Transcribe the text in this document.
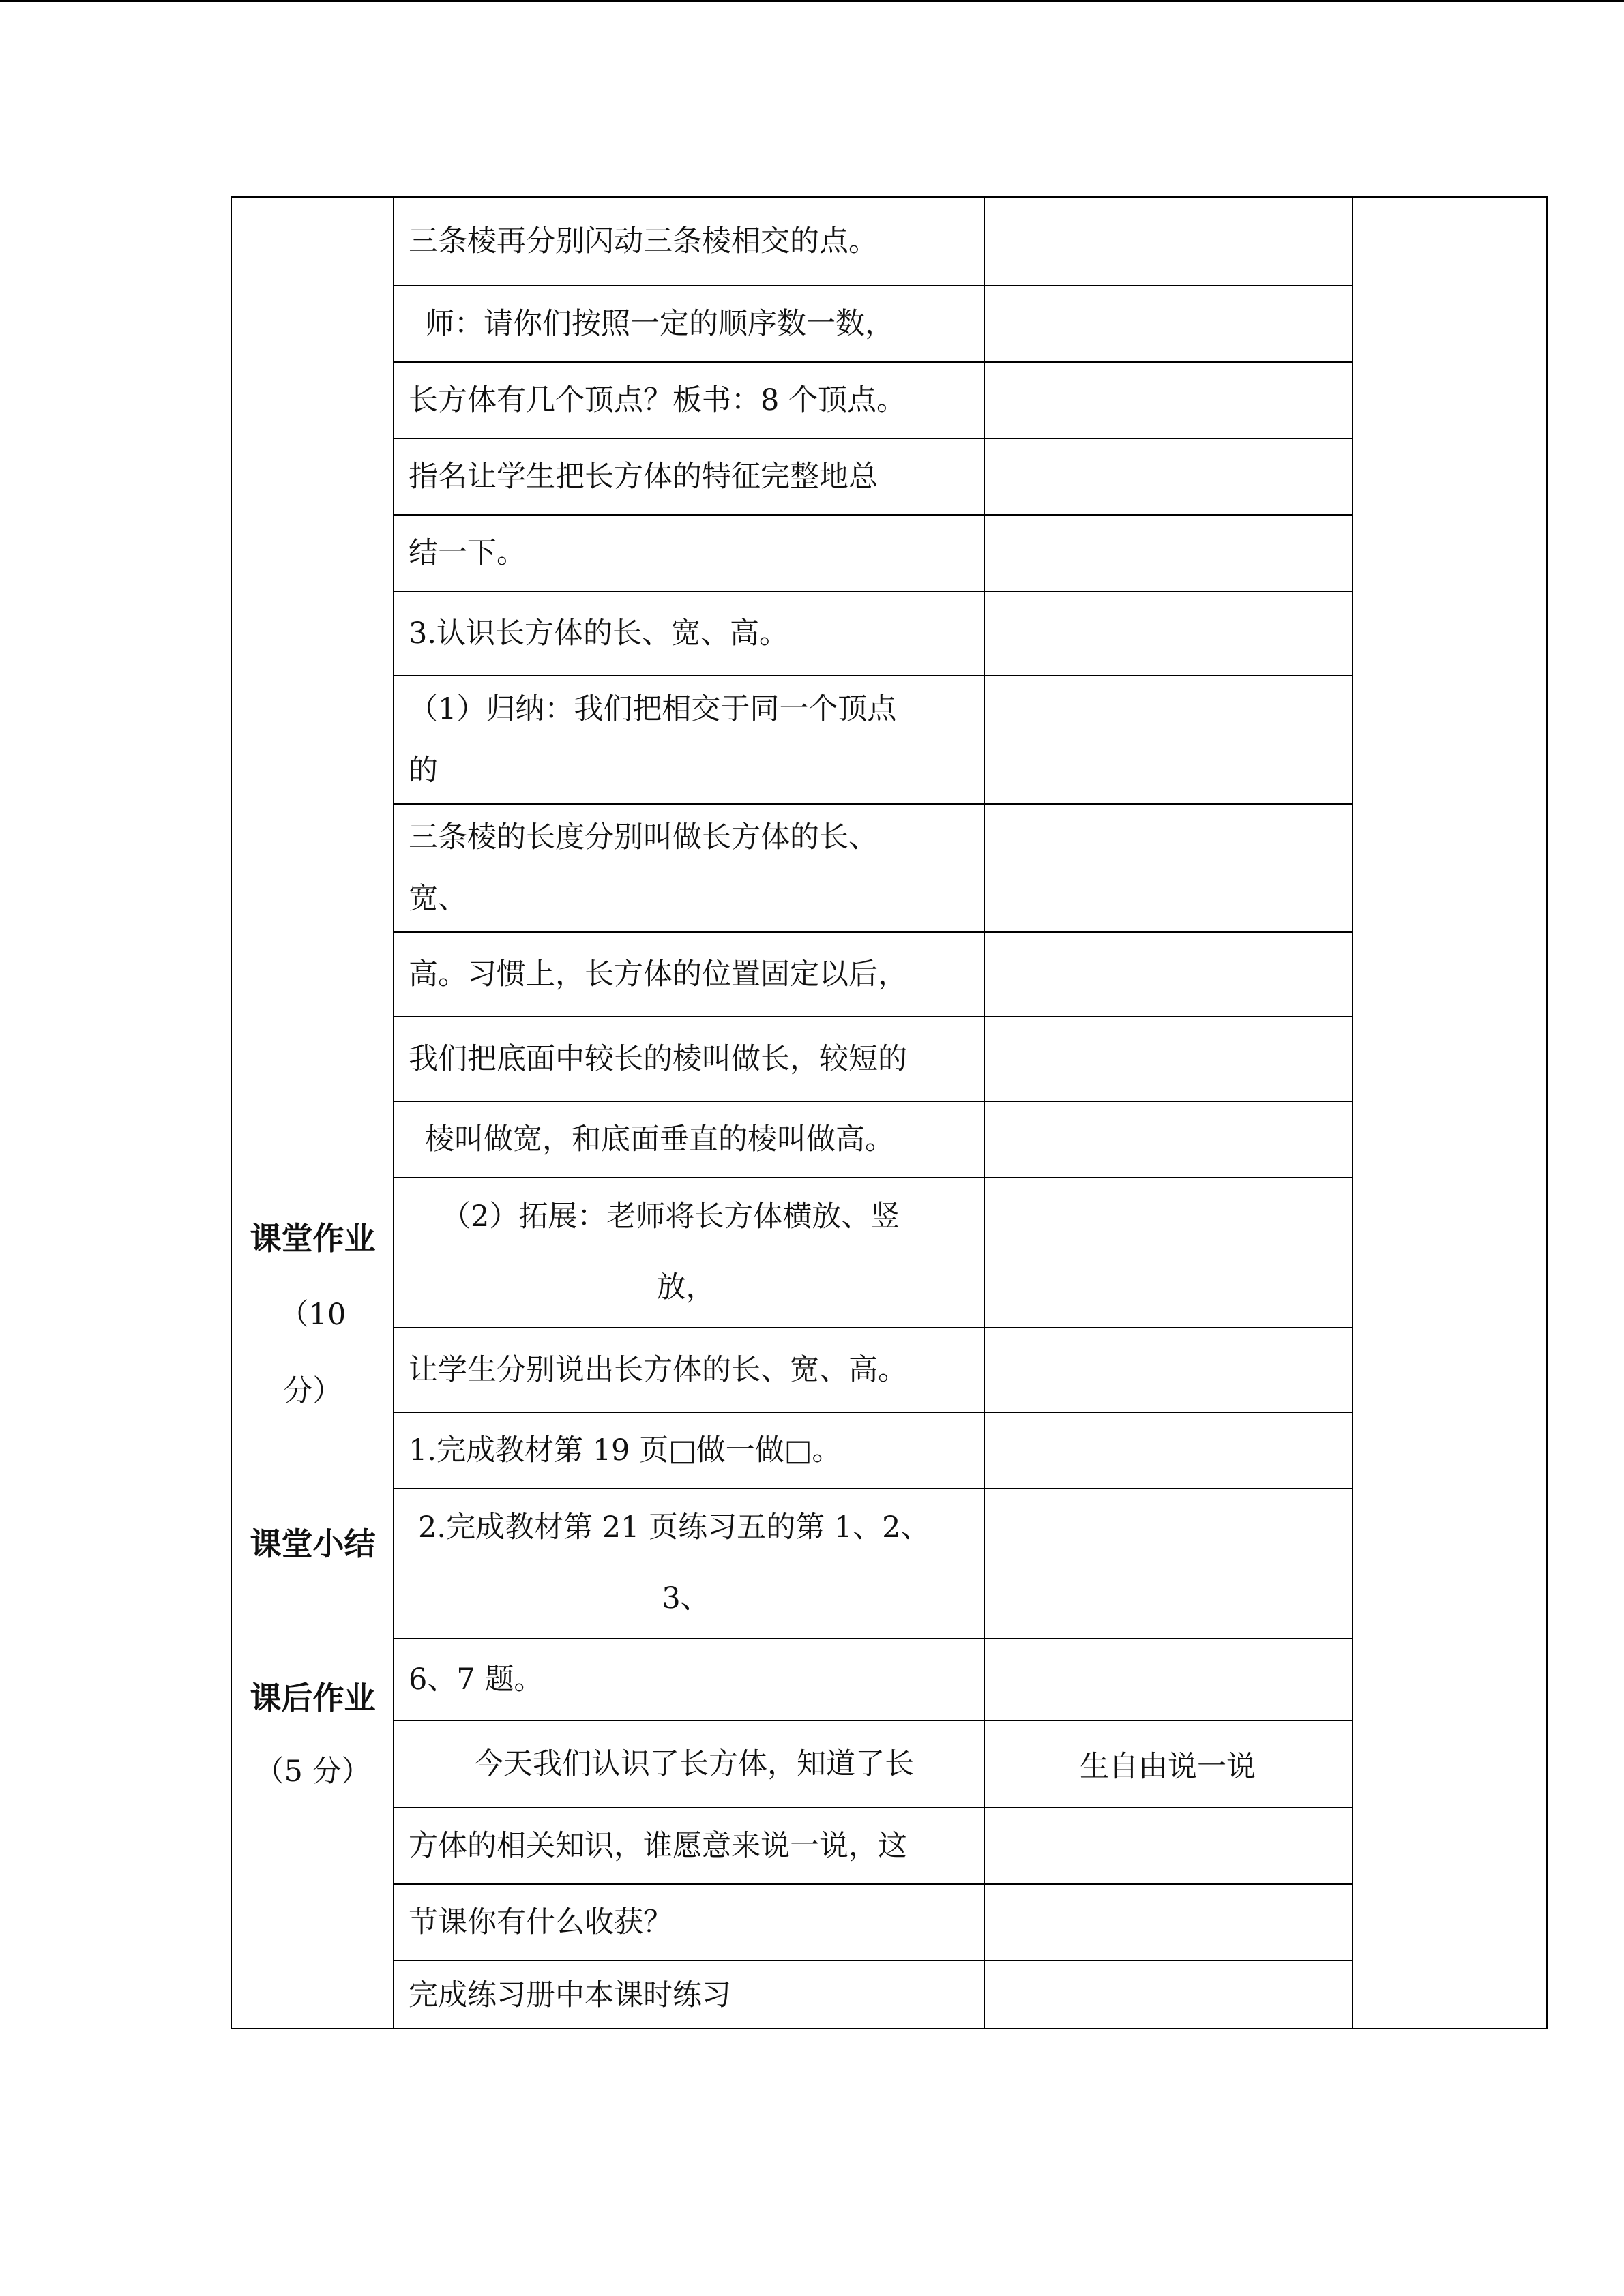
课堂作业
（10
分）
课堂小结
课后作业
（5 分）
三条棱再分别闪动三条棱相交的点。
师：请你们按照一定的顺序数一数，
长方体有几个顶点？板书：8 个顶点。
指名让学生把长方体的特征完整地总
结一下。
3.认识长方体的长、宽、高。
（1）归纳：我们把相交于同一个顶点
的
三条棱的长度分别叫做长方体的长、
宽、
高。习惯上，长方体的位置固定以后，
我们把底面中较长的棱叫做长，较短的
棱叫做宽，和底面垂直的棱叫做高。
（2）拓展：老师将长方体横放、竖
放，
让学生分别说出长方体的长、宽、高。
1.完成教材第 19 页□做一做□。
2.完成教材第 21 页练习五的第 1、2、
3、
6、7 题。
今天我们认识了长方体，知道了长	生自由说一说
方体的相关知识，谁愿意来说一说，这
节课你有什么收获？
完成练习册中本课时练习
